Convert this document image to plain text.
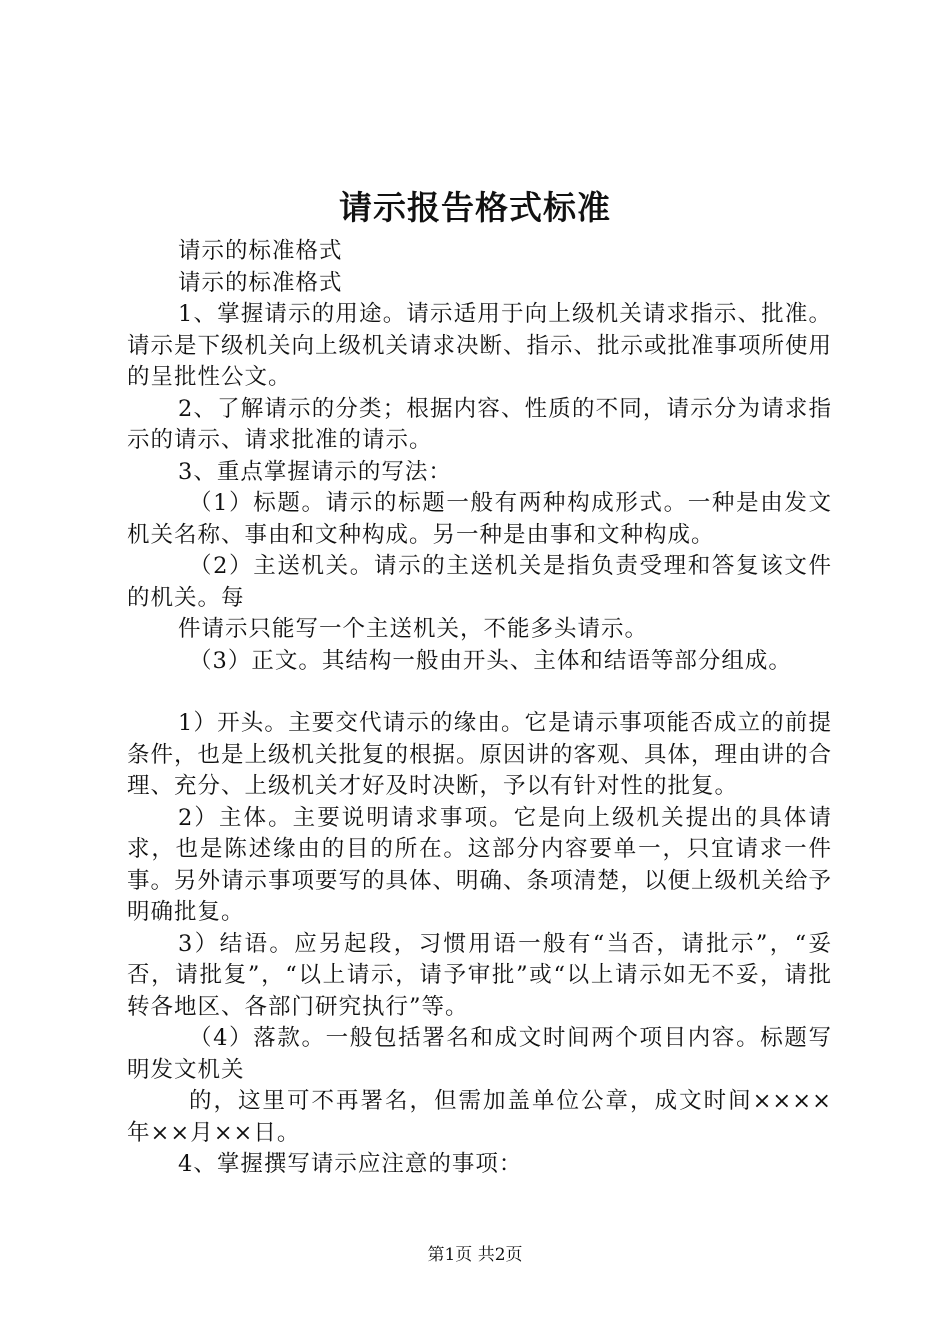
请示报告格式标准

请示的标准格式

请示的标准格式

1、掌握请示的用途。请示适用于向上级机关请求指示、批准。请示是下级机关向上级机关请求决断、指示、批示或批准事项所使用的呈批性公文。

2、了解请示的分类；根据内容、性质的不同，请示分为请求指示的请示、请求批准的请示。

3、重点掌握请示的写法：

（1）标题。请示的标题一般有两种构成形式。一种是由发文机关名称、事由和文种构成。另一种是由事和文种构成。

（2）主送机关。请示的主送机关是指负责受理和答复该文件的机关。每

件请示只能写一个主送机关，不能多头请示。

（3）正文。其结构一般由开头、主体和结语等部分组成。

1）开头。主要交代请示的缘由。它是请示事项能否成立的前提条件，也是上级机关批复的根据。原因讲的客观、具体，理由讲的合理、充分、上级机关才好及时决断，予以有针对性的批复。

2）主体。主要说明请求事项。它是向上级机关提出的具体请求，也是陈述缘由的目的所在。这部分内容要单一，只宜请求一件事。另外请示事项要写的具体、明确、条项清楚，以便上级机关给予明确批复。

3）结语。应另起段，习惯用语一般有“当否，请批示”，“妥否，请批复”，“以上请示，请予审批”或“以上请示如无不妥，请批转各地区、各部门研究执行”等。

（4）落款。一般包括署名和成文时间两个项目内容。标题写明发文机关

的，这里可不再署名，但需加盖单位公章，成文时间××××年××月××日。

4、掌握撰写请示应注意的事项：

第1页 共2页
